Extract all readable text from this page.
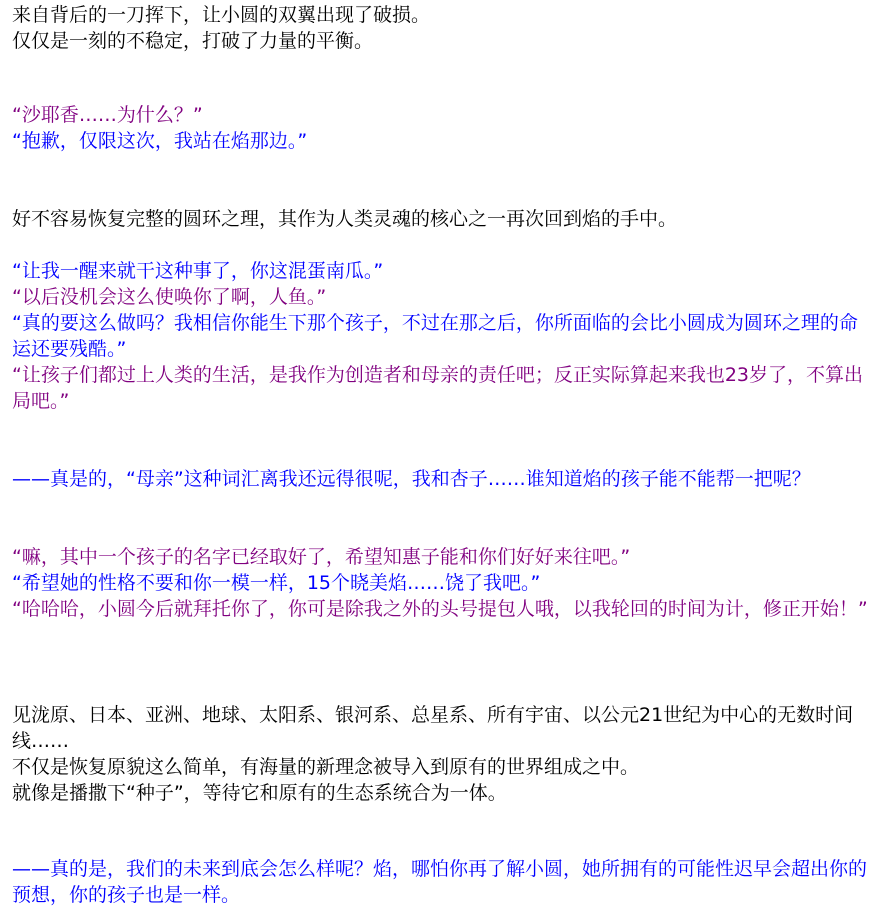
来自背后的一刀挥下，让小圆的双翼出现了破损。
仅仅是一刻的不稳定，打破了力量的平衡。
“沙耶香……为什么？”
“抱歉，仅限这次，我站在焰那边。”
好不容易恢复完整的圆环之理，其作为人类灵魂的核心之一再次回到焰的手中。
“让我一醒来就干这种事了，你这混蛋南瓜。”
“以后没机会这么使唤你了啊，人鱼。”
“真的要这么做吗？我相信你能生下那个孩子，不过在那之后，你所面临的会比小圆成为圆环之理的命运还要残酷。”
“让孩子们都过上人类的生活，是我作为创造者和母亲的责任吧；反正实际算起来我也23岁了，不算出局吧。”
——真是的，“母亲”这种词汇离我还远得很呢，我和杏子……谁知道焰的孩子能不能帮一把呢？
“嘛，其中一个孩子的名字已经取好了，希望知惠子能和你们好好来往吧。”
“希望她的性格不要和你一模一样，15个晓美焰……饶了我吧。”
“哈哈哈，小圆今后就拜托你了，你可是除我之外的头号提包人哦，以我轮回的时间为计，修正开始！”
见泷原、日本、亚洲、地球、太阳系、银河系、总星系、所有宇宙、以公元21世纪为中心的无数时间线……
不仅是恢复原貌这么简单，有海量的新理念被导入到原有的世界组成之中。
就像是播撒下“种子”，等待它和原有的生态系统合为一体。
——真的是，我们的未来到底会怎么样呢？焰，哪怕你再了解小圆，她所拥有的可能性迟早会超出你的预想，你的孩子也是一样。
